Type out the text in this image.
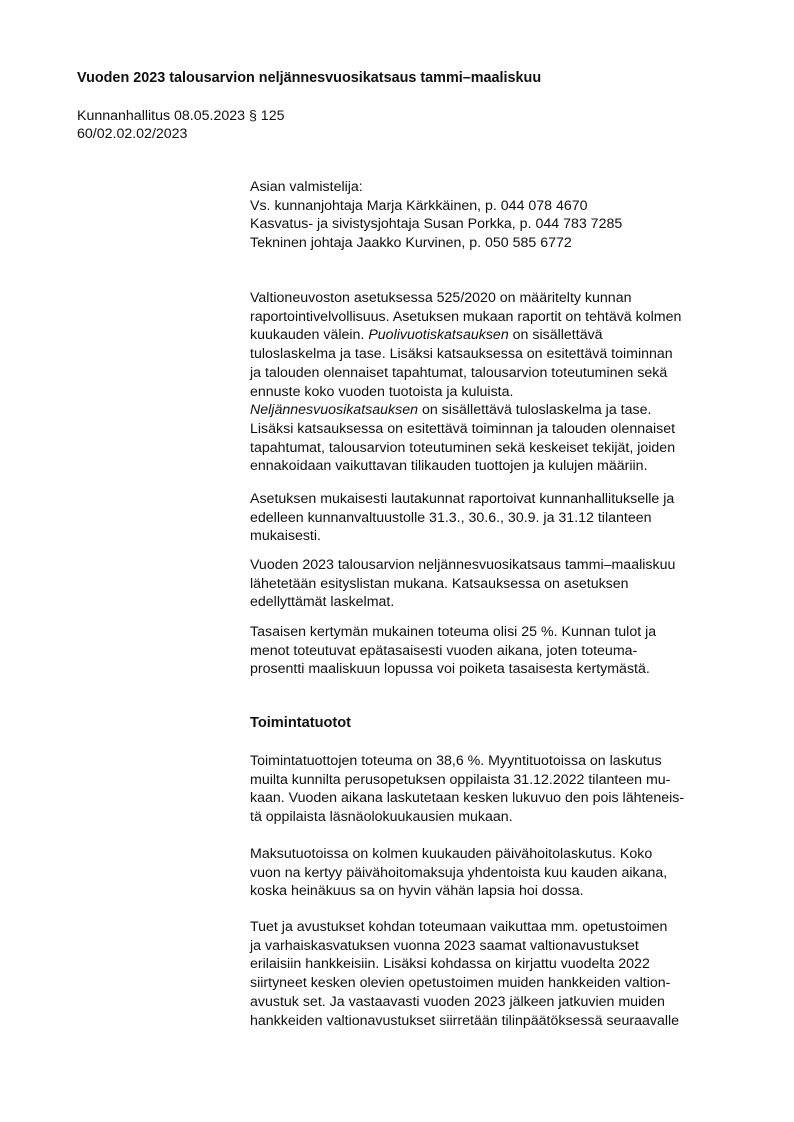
Vuoden 2023 talousarvion neljännesvuosikatsaus tammi–maaliskuu
Kunnanhallitus 08.05.2023 § 125
60/02.02.02/2023
Asian valmistelija:
Vs. kunnanjohtaja Marja Kärkkäinen, p. 044 078 4670
Kasvatus- ja sivistysjohtaja Susan Porkka, p. 044 783 7285
Tekninen johtaja Jaakko Kurvinen, p. 050 585 6772
Valtioneuvoston asetuksessa 525/2020 on määritelty kunnan
raportointivelvollisuus. Asetuksen mukaan raportit on tehtävä kolmen
kuukauden välein. Puolivuotiskatsauksen on sisällettävä
tuloslaskelma ja tase. Lisäksi katsauksessa on esitettävä toiminnan
ja talouden olennaiset tapahtumat, talousarvion toteutuminen sekä
ennuste koko vuoden tuotoista ja kuluista.
Neljännesvuosikatsauksen on sisällettävä tuloslaskelma ja tase.
Lisäksi katsauksessa on esitettävä toiminnan ja talouden olennaiset
tapahtumat, talousarvion toteutuminen sekä keskeiset tekijät, joiden
ennakoidaan vaikuttavan tilikauden tuottojen ja kulujen määriin.
Asetuksen mukaisesti lautakunnat raportoivat kunnanhallitukselle ja
edelleen kunnanvaltuustolle 31.3., 30.6., 30.9. ja 31.12 tilanteen
mukaisesti.
Vuoden 2023 talousarvion neljännesvuosikatsaus tammi–maaliskuu
lähetetään esityslistan mukana. Katsauksessa on asetuksen
edellyttämät laskelmat.
Tasaisen kertymän mukainen toteuma olisi 25 %. Kunnan tulot ja
menot toteutuvat epätasaisesti vuoden aikana, joten toteuma-
prosentti maaliskuun lopussa voi poiketa tasaisesta kertymästä.
Toimintatuotot
Toimintatuottojen toteuma on 38,6 %. Myyntituotoissa on laskutus
muilta kunnilta perusopetuksen oppilaista 31.12.2022 tilanteen mu-
kaan. Vuoden aikana laskutetaan kesken lukuvuo den pois lähteneis-
tä oppilaista läsnäolokuukausien mukaan.
Maksutuotoissa on kolmen kuukauden päivähoitolaskutus. Koko
vuon na kertyy päivähoitomaksuja yhdentoista kuu kauden aikana,
koska heinäkuus sa on hyvin vähän lapsia hoi dossa.
Tuet ja avustukset kohdan toteumaan vaikuttaa mm. opetustoimen
ja varhaiskasvatuksen vuonna 2023 saamat valtionavustukset
erilaisiin hankkeisiin. Lisäksi kohdassa on kirjattu vuodelta 2022
siirtyneet kesken olevien opetustoimen muiden hankkeiden valtion-
avustuk set. Ja vastaavasti vuoden 2023 jälkeen jatkuvien muiden
hankkeiden valtionavustukset siirretään tilinpäätöksessä seuraavalle
